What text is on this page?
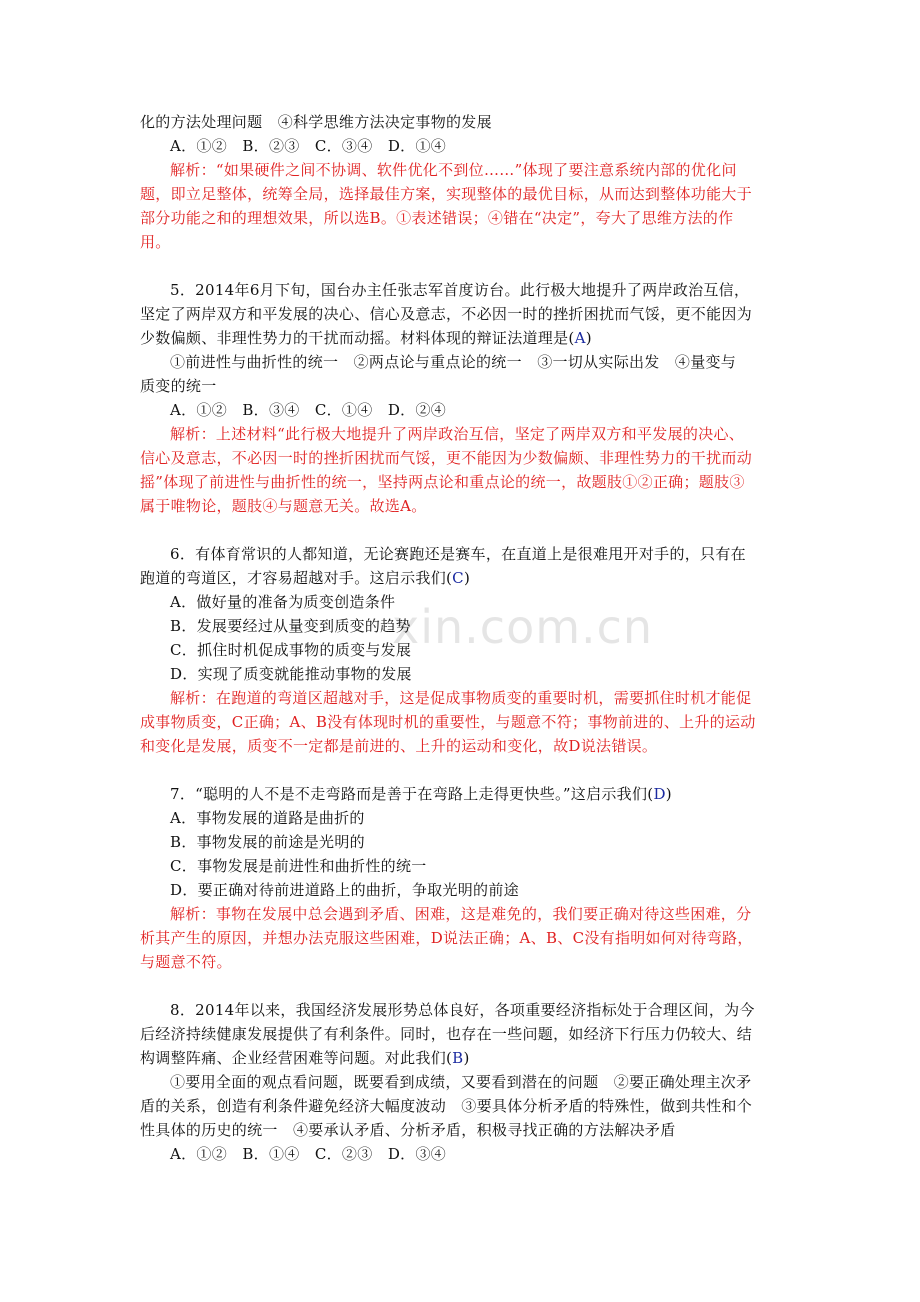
xin.com.cn
化的方法处理问题　④科学思维方法决定事物的发展
A．①②　B．②③　C．③④　D．①④
解析：“如果硬件之间不协调、软件优化不到位……”体现了要注意系统内部的优化问
题，即立足整体，统筹全局，选择最佳方案，实现整体的最优目标，从而达到整体功能大于
部分功能之和的理想效果，所以选B。①表述错误；④错在“决定”，夸大了思维方法的作
用。
5．2014年6月下旬，国台办主任张志军首度访台。此行极大地提升了两岸政治互信，
坚定了两岸双方和平发展的决心、信心及意志，不必因一时的挫折困扰而气馁，更不能因为
少数偏颇、非理性势力的干扰而动摇。材料体现的辩证法道理是(A)
①前进性与曲折性的统一　②两点论与重点论的统一　③一切从实际出发　④量变与
质变的统一
A．①②　B．③④　C．①④　D．②④
解析：上述材料“此行极大地提升了两岸政治互信，坚定了两岸双方和平发展的决心、
信心及意志，不必因一时的挫折困扰而气馁，更不能因为少数偏颇、非理性势力的干扰而动
摇”体现了前进性与曲折性的统一，坚持两点论和重点论的统一，故题肢①②正确；题肢③
属于唯物论，题肢④与题意无关。故选A。
6．有体育常识的人都知道，无论赛跑还是赛车，在直道上是很难甩开对手的，只有在
跑道的弯道区，才容易超越对手。这启示我们(C)
A．做好量的准备为质变创造条件
B．发展要经过从量变到质变的趋势
C．抓住时机促成事物的质变与发展
D．实现了质变就能推动事物的发展
解析：在跑道的弯道区超越对手，这是促成事物质变的重要时机，需要抓住时机才能促
成事物质变，C正确；A、B没有体现时机的重要性，与题意不符；事物前进的、上升的运动
和变化是发展，质变不一定都是前进的、上升的运动和变化，故D说法错误。
7．“聪明的人不是不走弯路而是善于在弯路上走得更快些。”这启示我们(D)
A．事物发展的道路是曲折的
B．事物发展的前途是光明的
C．事物发展是前进性和曲折性的统一
D．要正确对待前进道路上的曲折，争取光明的前途
解析：事物在发展中总会遇到矛盾、困难，这是难免的，我们要正确对待这些困难，分
析其产生的原因，并想办法克服这些困难，D说法正确；A、B、C没有指明如何对待弯路，
与题意不符。
8．2014年以来，我国经济发展形势总体良好，各项重要经济指标处于合理区间，为今
后经济持续健康发展提供了有利条件。同时，也存在一些问题，如经济下行压力仍较大、结
构调整阵痛、企业经营困难等问题。对此我们(B)
①要用全面的观点看问题，既要看到成绩，又要看到潜在的问题　②要正确处理主次矛
盾的关系，创造有利条件避免经济大幅度波动　③要具体分析矛盾的特殊性，做到共性和个
性具体的历史的统一　④要承认矛盾、分析矛盾，积极寻找正确的方法解决矛盾
A．①②　B．①④　C．②③　D．③④
